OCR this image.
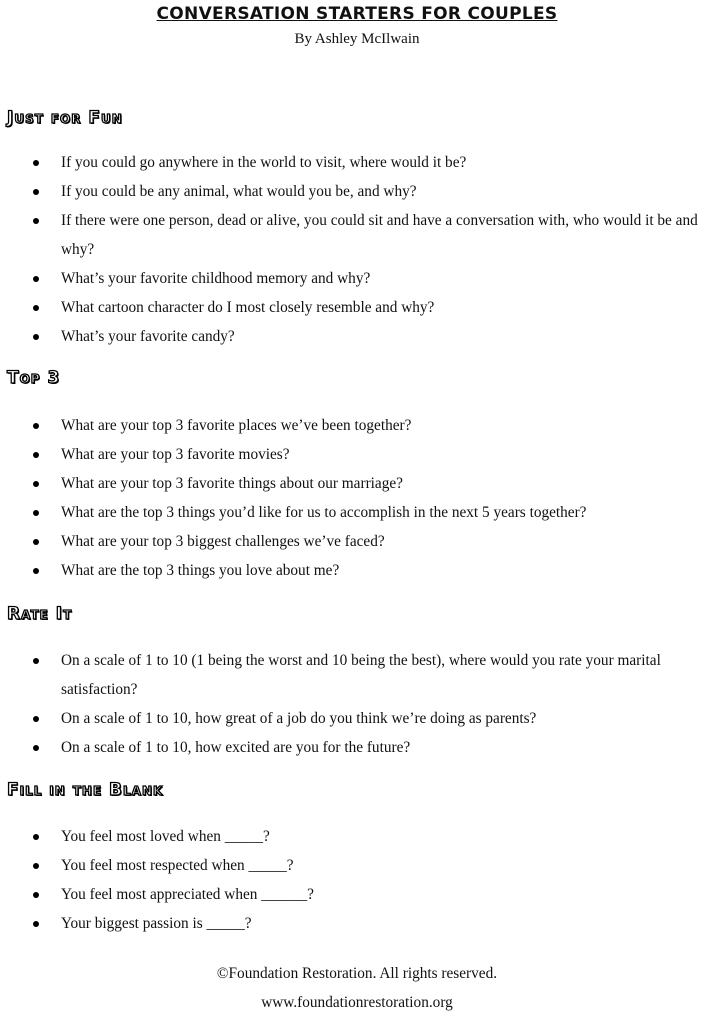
CONVERSATION STARTERS FOR COUPLES
By Ashley McIlwain
Just for Fun
If you could go anywhere in the world to visit, where would it be?
If you could be any animal, what would you be, and why?
If there were one person, dead or alive, you could sit and have a conversation with, who would it be and why?
What’s your favorite childhood memory and why?
What cartoon character do I most closely resemble and why?
What’s your favorite candy?
Top 3
What are your top 3 favorite places we’ve been together?
What are your top 3 favorite movies?
What are your top 3 favorite things about our marriage?
What are the top 3 things you’d like for us to accomplish in the next 5 years together?
What are your top 3 biggest challenges we’ve faced?
What are the top 3 things you love about me?
Rate It
On a scale of 1 to 10 (1 being the worst and 10 being the best), where would you rate your marital satisfaction?
On a scale of 1 to 10, how great of a job do you think we’re doing as parents?
On a scale of 1 to 10, how excited are you for the future?
Fill in the Blank
You feel most loved when _____?
You feel most respected when _____?
You feel most appreciated when ______?
Your biggest passion is _____?
©Foundation Restoration. All rights reserved.
www.foundationrestoration.org
